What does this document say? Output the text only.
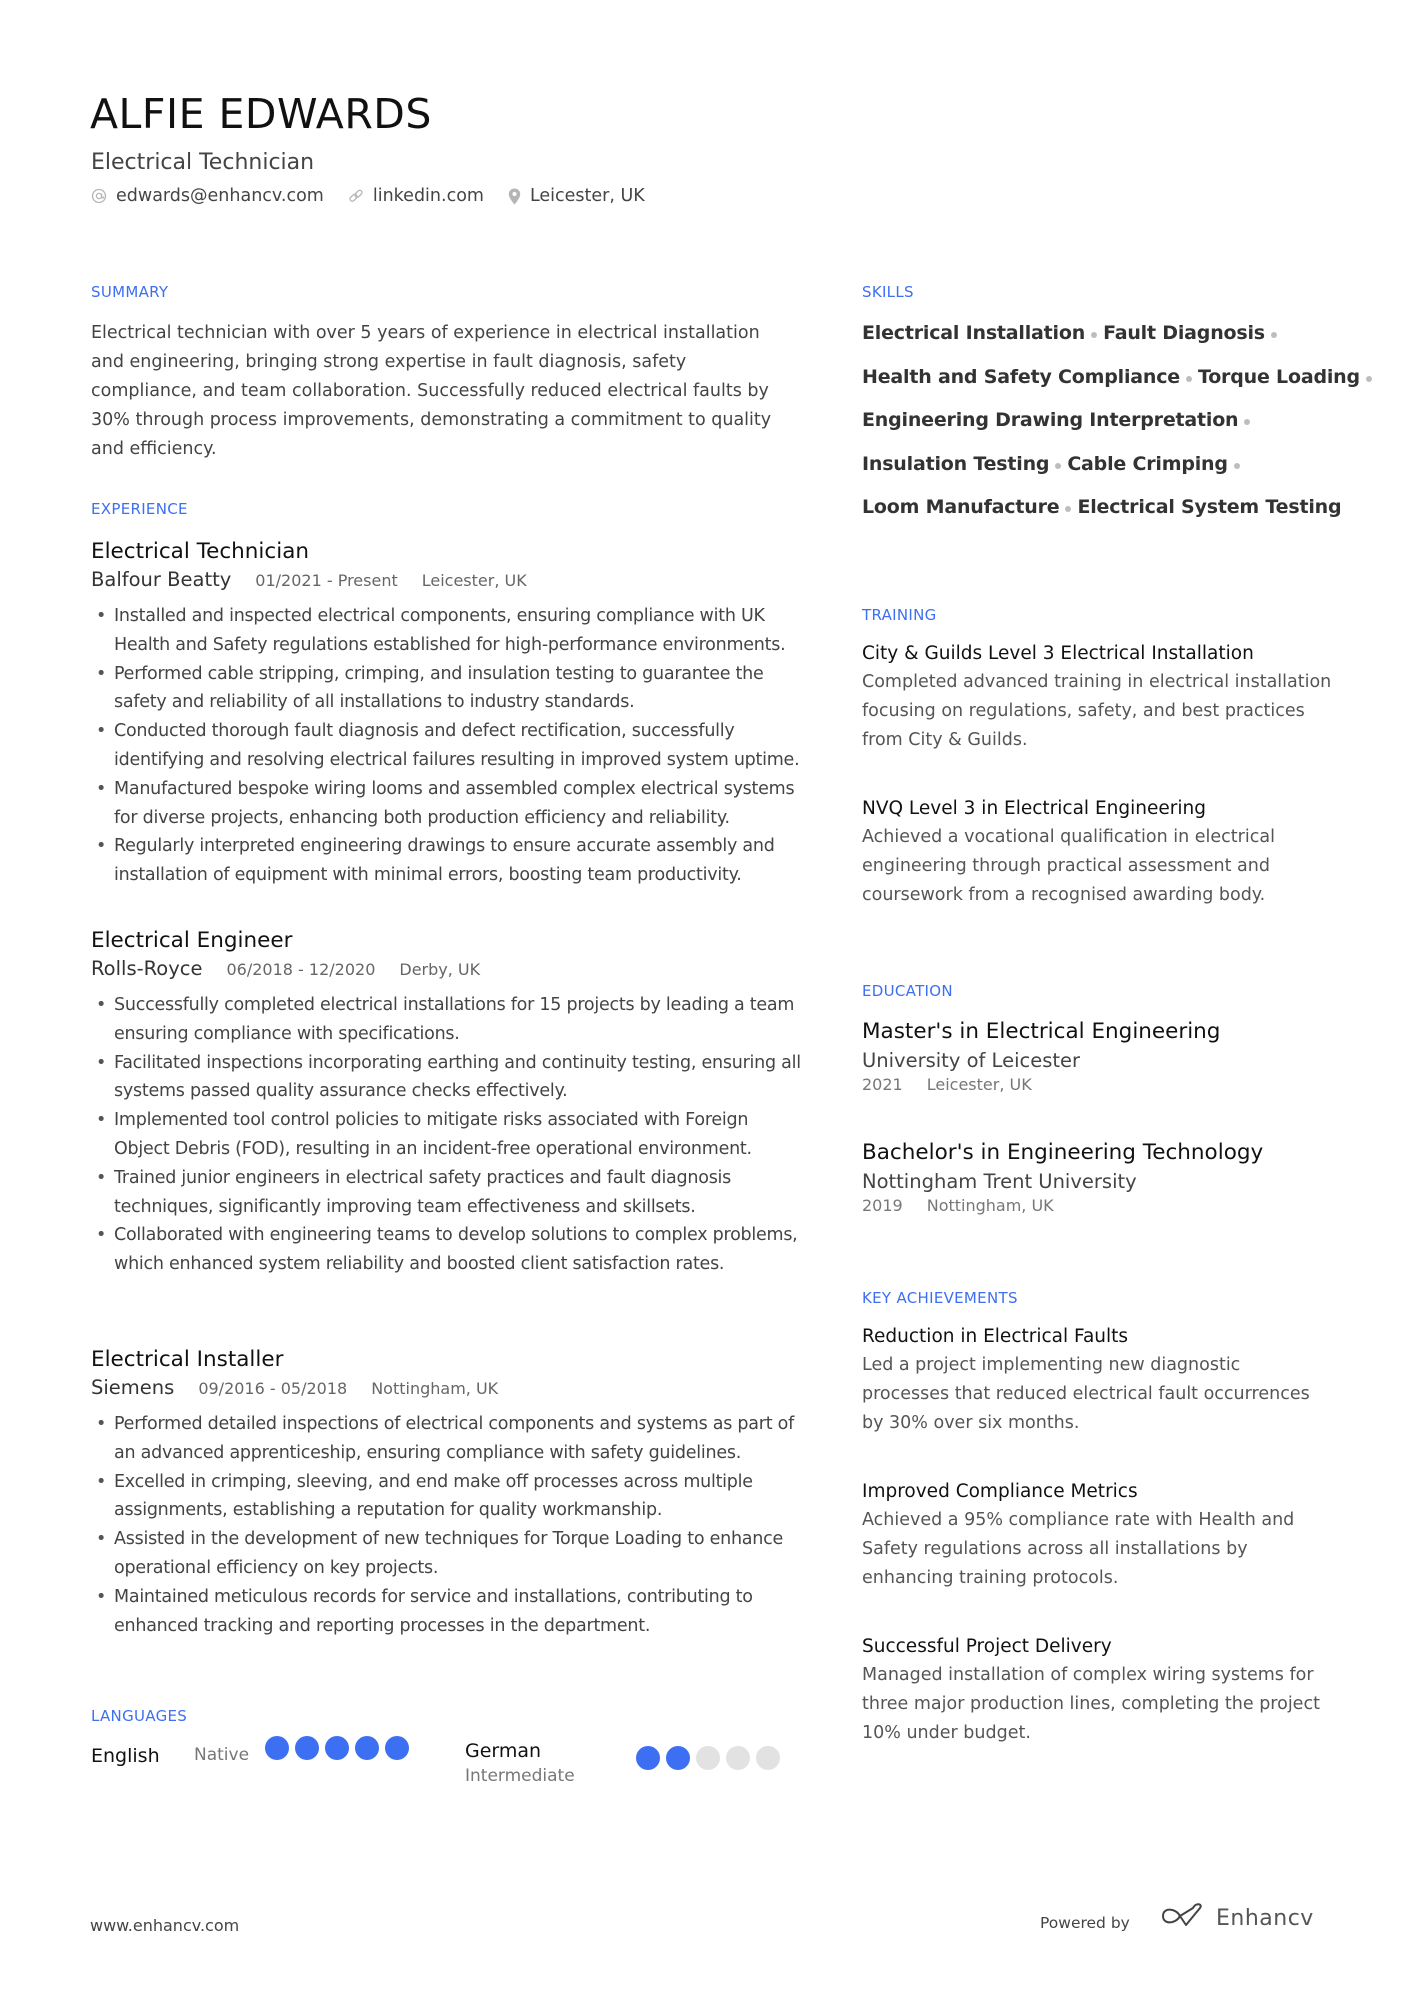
ALFIE EDWARDS
Electrical Technician
edwards@enhancv.com	linkedin.com	Leicester, UK
SUMMARY
Electrical technician with over 5 years of experience in electrical installation and engineering, bringing strong expertise in fault diagnosis, safety compliance, and team collaboration. Successfully reduced electrical faults by 30% through process improvements, demonstrating a commitment to quality and efficiency.
EXPERIENCE
Electrical Technician
Balfour Beatty 01/2021 - Present Leicester, UK
• Installed and inspected electrical components, ensuring compliance with UK Health and Safety regulations established for high-performance environments.
• Performed cable stripping, crimping, and insulation testing to guarantee the safety and reliability of all installations to industry standards.
• Conducted thorough fault diagnosis and defect rectification, successfully identifying and resolving electrical failures resulting in improved system uptime.
• Manufactured bespoke wiring looms and assembled complex electrical systems for diverse projects, enhancing both production efficiency and reliability.
• Regularly interpreted engineering drawings to ensure accurate assembly and installation of equipment with minimal errors, boosting team productivity.
Electrical Engineer
Rolls-Royce 06/2018 - 12/2020 Derby, UK
• Successfully completed electrical installations for 15 projects by leading a team ensuring compliance with specifications.
• Facilitated inspections incorporating earthing and continuity testing, ensuring all systems passed quality assurance checks effectively.
• Implemented tool control policies to mitigate risks associated with Foreign Object Debris (FOD), resulting in an incident-free operational environment.
• Trained junior engineers in electrical safety practices and fault diagnosis techniques, significantly improving team effectiveness and skillsets.
• Collaborated with engineering teams to develop solutions to complex problems, which enhanced system reliability and boosted client satisfaction rates.
Electrical Installer
Siemens 09/2016 - 05/2018 Nottingham, UK
• Performed detailed inspections of electrical components and systems as part of an advanced apprenticeship, ensuring compliance with safety guidelines.
• Excelled in crimping, sleeving, and end make off processes across multiple assignments, establishing a reputation for quality workmanship.
• Assisted in the development of new techniques for Torque Loading to enhance operational efficiency on key projects.
• Maintained meticulous records for service and installations, contributing to enhanced tracking and reporting processes in the department.
LANGUAGES
English Native	German
Intermediate
SKILLS
Electrical Installation Fault Diagnosis
Health and Safety Compliance Torque Loading
Engineering Drawing Interpretation
Insulation Testing Cable Crimping
Loom Manufacture Electrical System Testing
TRAINING
City & Guilds Level 3 Electrical Installation
Completed advanced training in electrical installation focusing on regulations, safety, and best practices from City & Guilds.
NVQ Level 3 in Electrical Engineering
Achieved a vocational qualification in electrical engineering through practical assessment and coursework from a recognised awarding body.
EDUCATION
Master's in Electrical Engineering
University of Leicester
2021 Leicester, UK
Bachelor's in Engineering Technology
Nottingham Trent University
2019 Nottingham, UK
KEY ACHIEVEMENTS
Reduction in Electrical Faults
Led a project implementing new diagnostic processes that reduced electrical fault occurrences by 30% over six months.
Improved Compliance Metrics
Achieved a 95% compliance rate with Health and Safety regulations across all installations by enhancing training protocols.
Successful Project Delivery
Managed installation of complex wiring systems for three major production lines, completing the project 10% under budget.
www.enhancv.com	Powered by	Enhancv
